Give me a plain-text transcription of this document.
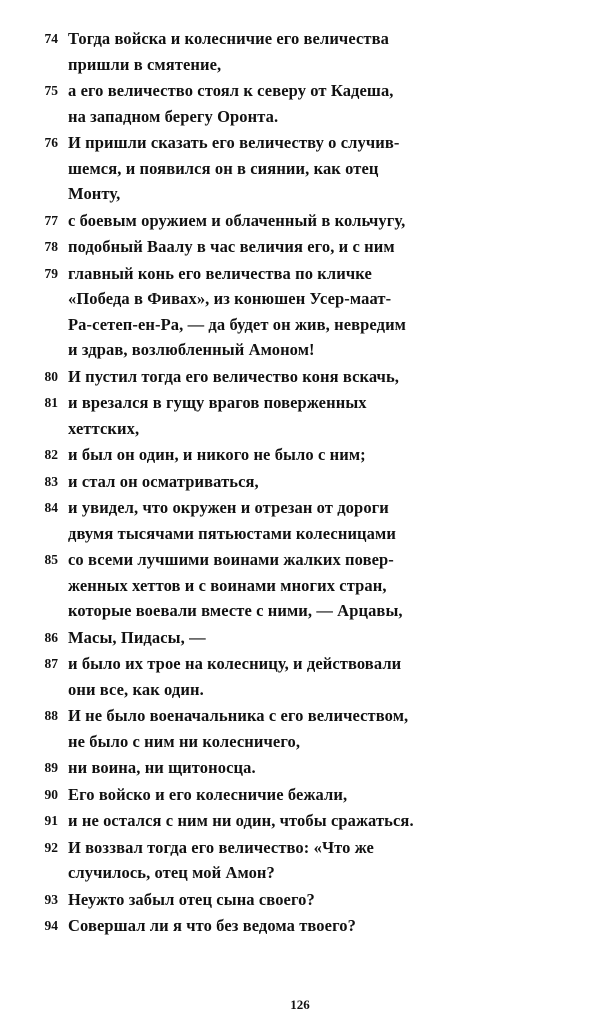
74 Тогда войска и колесничие его величества
пришли в смятение,
75 а его величество стоял к северу от Кадеша,
на западном берегу Оронта.
76 И пришли сказать его величеству о случив-
шемся, и появился он в сиянии, как отец
Монту,
77 с боевым оружием и облаченный в кольчугу,
78 подобный Ваалу в час величия его, и с ним
79 главный конь его величества по кличке
«Победа в Фивах», из конюшен Усер-маат-
Ра-сетеп-ен-Ра, — да будет он жив, невредим
и здрав, возлюбленный Амоном!
80 И пустил тогда его величество коня вскачь,
81 и врезался в гущу врагов поверженных
хеттских,
82 и был он один, и никого не было с ним;
83 и стал он осматриваться,
84 и увидел, что окружен и отрезан от дороги
двумя тысячами пятьюстами колесницами
85 со всеми лучшими воинами жалких повер-
женных хеттов и с воинами многих стран,
которые воевали вместе с ними, — Арцавы,
86 Масы, Пидасы, —
87 и было их трое на колесницу, и действовали
они все, как один.
88 И не было военачальника с его величеством,
не было с ним ни колесничего,
89 ни воина, ни щитоносца.
90 Его войско и его колесничие бежали,
91 и не остался с ним ни один, чтобы сражаться.
92 И воззвал тогда его величество: «Что же
случилось, отец мой Амон?
93 Неужто забыл отец сына своего?
94 Совершал ли я что без ведома твоего?
126
